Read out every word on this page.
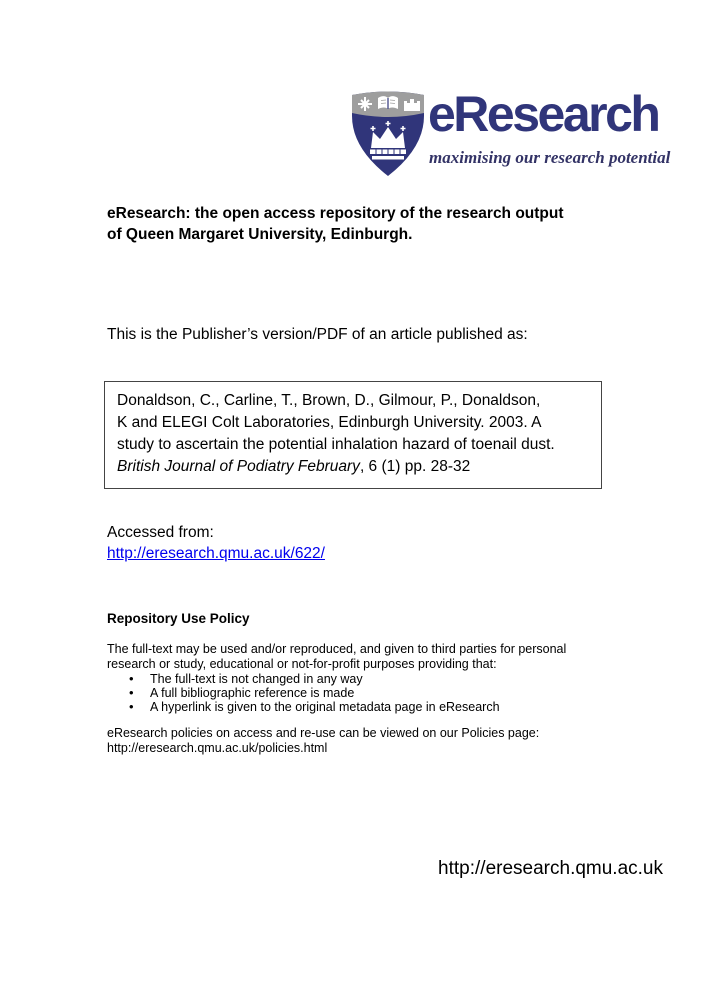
eResearch
maximising our research potential
eResearch: the open access repository of the research output
of Queen Margaret University, Edinburgh.
This is the Publisher’s version/PDF of an article published as:
Donaldson, C., Carline, T., Brown, D., Gilmour, P., Donaldson,
K and ELEGI Colt Laboratories, Edinburgh University. 2003. A
study to ascertain the potential inhalation hazard of toenail dust.
British Journal of Podiatry February, 6 (1) pp. 28-32
Accessed from:
http://eresearch.qmu.ac.uk/622/
Repository Use Policy
The full-text may be used and/or reproduced, and given to third parties for personal research or study, educational or not-for-profit purposes providing that:
• The full-text is not changed in any way
• A full bibliographic reference is made
• A hyperlink is given to the original metadata page in eResearch
eResearch policies on access and re-use can be viewed on our Policies page:
http://eresearch.qmu.ac.uk/policies.html
http://eresearch.qmu.ac.uk
